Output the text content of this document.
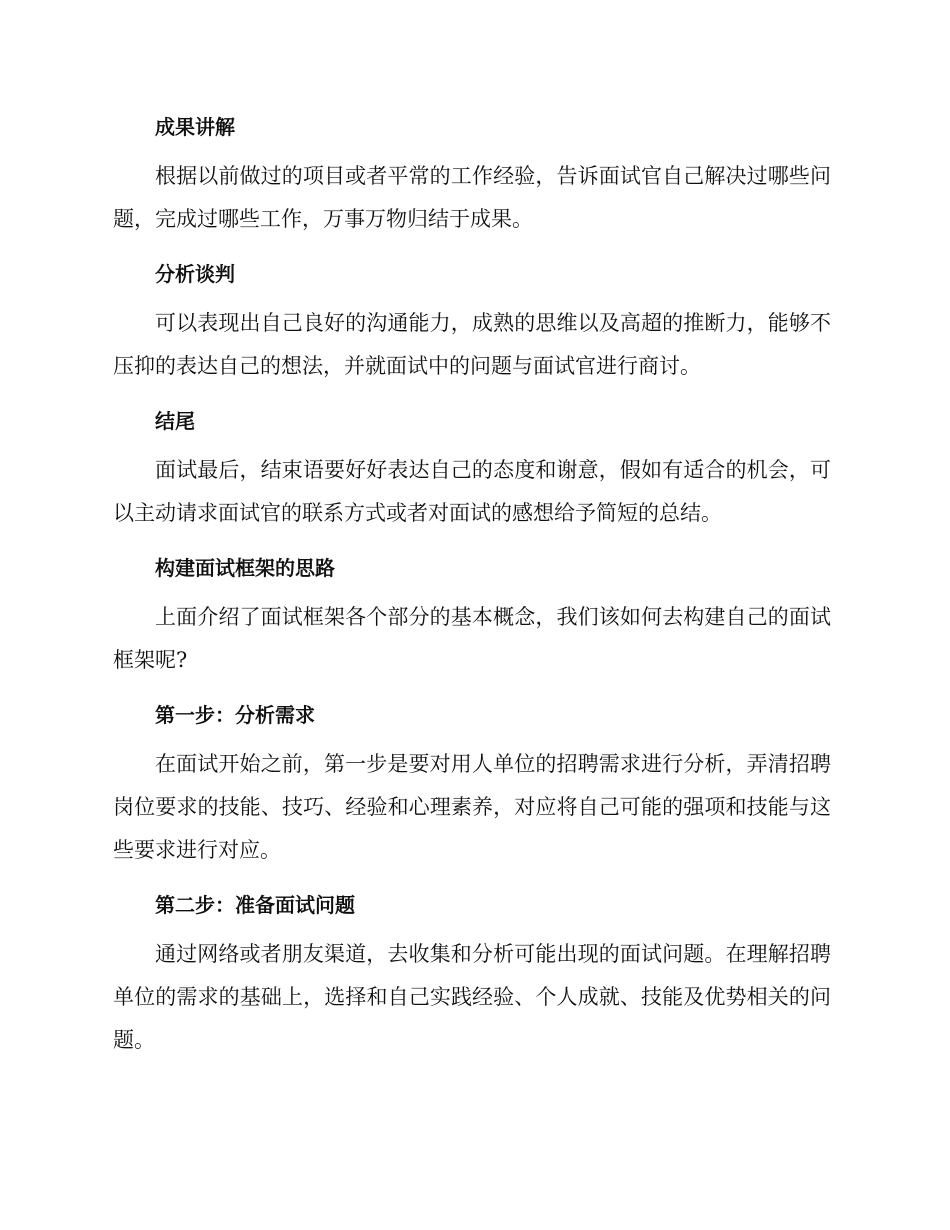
成果讲解

根据以前做过的项目或者平常的工作经验，告诉面试官自己解决过哪些问题，完成过哪些工作，万事万物归结于成果。

分析谈判

可以表现出自己良好的沟通能力，成熟的思维以及高超的推断力，能够不压抑的表达自己的想法，并就面试中的问题与面试官进行商讨。

结尾

面试最后，结束语要好好表达自己的态度和谢意，假如有适合的机会，可以主动请求面试官的联系方式或者对面试的感想给予简短的总结。

构建面试框架的思路

上面介绍了面试框架各个部分的基本概念，我们该如何去构建自己的面试框架呢?

第一步：分析需求

在面试开始之前，第一步是要对用人单位的招聘需求进行分析，弄清招聘岗位要求的技能、技巧、经验和心理素养，对应将自己可能的强项和技能与这些要求进行对应。

第二步：准备面试问题

通过网络或者朋友渠道，去收集和分析可能出现的面试问题。在理解招聘单位的需求的基础上，选择和自己实践经验、个人成就、技能及优势相关的问题。
